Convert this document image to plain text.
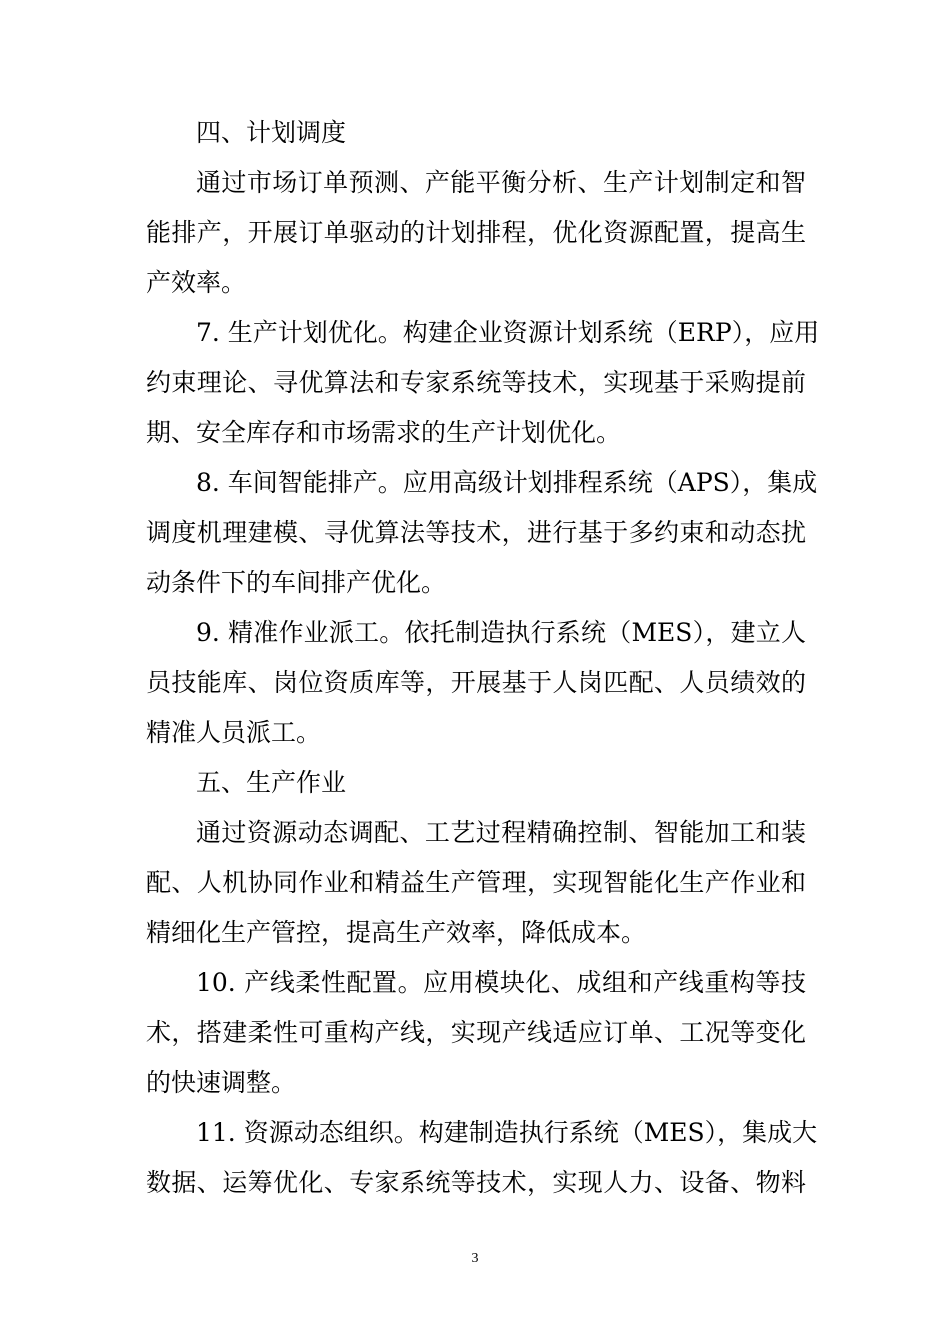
四、计划调度
通过市场订单预测、产能平衡分析、生产计划制定和智
能排产，开展订单驱动的计划排程，优化资源配置，提高生
产效率。
7. 生产计划优化。构建企业资源计划系统（ERP），应用
约束理论、寻优算法和专家系统等技术，实现基于采购提前
期、安全库存和市场需求的生产计划优化。
8. 车间智能排产。应用高级计划排程系统（APS），集成
调度机理建模、寻优算法等技术，进行基于多约束和动态扰
动条件下的车间排产优化。
9. 精准作业派工。依托制造执行系统（MES），建立人
员技能库、岗位资质库等，开展基于人岗匹配、人员绩效的
精准人员派工。
五、生产作业
通过资源动态调配、工艺过程精确控制、智能加工和装
配、人机协同作业和精益生产管理，实现智能化生产作业和
精细化生产管控，提高生产效率，降低成本。
10. 产线柔性配置。应用模块化、成组和产线重构等技
术，搭建柔性可重构产线，实现产线适应订单、工况等变化
的快速调整。
11. 资源动态组织。构建制造执行系统（MES），集成大
数据、运筹优化、专家系统等技术，实现人力、设备、物料
3
